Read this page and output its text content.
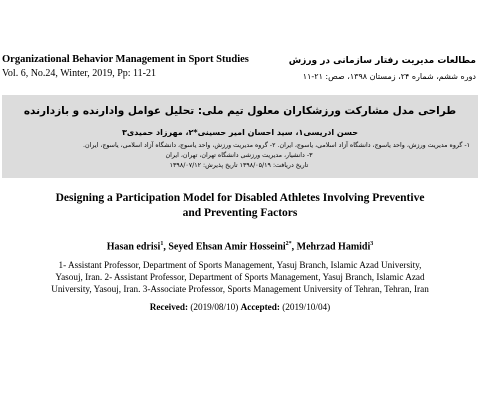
Organizational Behavior Management in Sport Studies
Vol. 6, No.24, Winter, 2019, Pp: 11-21
مطالعات مدیریت رفتار سازمانی در ورزش
دوره ششم، شماره ۲۴، زمستان ۱۳۹۸، صص: ۲۱-۱۱
طراحی مدل مشارکت ورزشکاران معلول تیم ملی: تحلیل عوامل وادارنده و بازدارنده
حسن ادریسی۱، سید احسان امیر حسینی*۲، مهرزاد حمیدی۳
۱- گروه مدیریت ورزش، واحد یاسوج، دانشگاه آزاد اسلامی، یاسوج، ایران. ۲- گروه مدیریت ورزش، واحد یاسوج، دانشگاه آزاد اسلامی، یاسوج، ایران.
۳- دانشیار، مدیریت ورزشی دانشگاه تهران، تهران، ایران
تاریخ دریافت: ۱۳۹۸/۰۵/۱۹ تاریخ پذیرش: ۱۳۹۸/۰۷/۱۲
Designing a Participation Model for Disabled Athletes Involving Preventive
and Preventing Factors
Hasan edrisi$^1$, Seyed Ehsan Amir Hosseini$^{2*}$, Mehrzad Hamidi$^3$
1- Assistant Professor, Department of Sports Management, Yasuj Branch, Islamic Azad University,
Yasouj, Iran. 2- Assistant Professor, Department of Sports Management, Yasuj Branch, Islamic Azad
University, Yasouj, Iran. 3-Associate Professor, Sports Management University of Tehran, Tehran, Iran
Received: (2019/08/10) Accepted: (2019/10/04)
